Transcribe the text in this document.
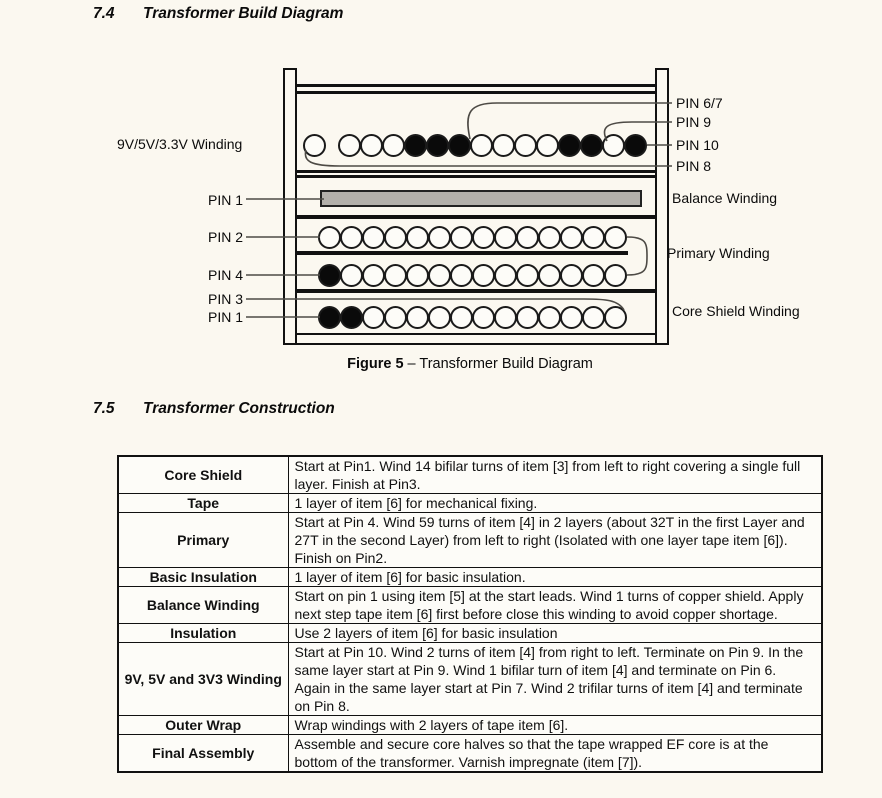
7.4	Transformer Build Diagram
9V/5V/3.3V Winding
PIN 1
PIN 2
PIN 4
PIN 3
PIN 1
PIN 6/7
PIN 9
PIN 10
PIN 8
Balance Winding
Primary Winding
Core Shield Winding
Figure 5 – Transformer Build Diagram
7.5	Transformer Construction
Core Shield	Start at Pin1. Wind 14 bifilar turns of item [3] from left to right covering a single full layer. Finish at Pin3.
Tape	1 layer of item [6] for mechanical fixing.
Primary	Start at Pin 4. Wind 59 turns of item [4] in 2 layers (about 32T in the first Layer and 27T in the second Layer) from left to right (Isolated with one layer tape item [6]). Finish on Pin2.
Basic Insulation	1 layer of item [6] for basic insulation.
Balance Winding	Start on pin 1 using item [5] at the start leads. Wind 1 turns of copper shield. Apply next step tape item [6] first before close this winding to avoid copper shortage.
Insulation	Use 2 layers of item [6] for basic insulation
9V, 5V and 3V3 Winding	Start at Pin 10. Wind 2 turns of item [4] from right to left. Terminate on Pin 9. In the same layer start at Pin 9. Wind 1 bifilar turn of item [4] and terminate on Pin 6. Again in the same layer start at Pin 7. Wind 2 trifilar turns of item [4] and terminate on Pin 8.
Outer Wrap	Wrap windings with 2 layers of tape item [6].
Final Assembly	Assemble and secure core halves so that the tape wrapped EF core is at the bottom of the transformer. Varnish impregnate (item [7]).
